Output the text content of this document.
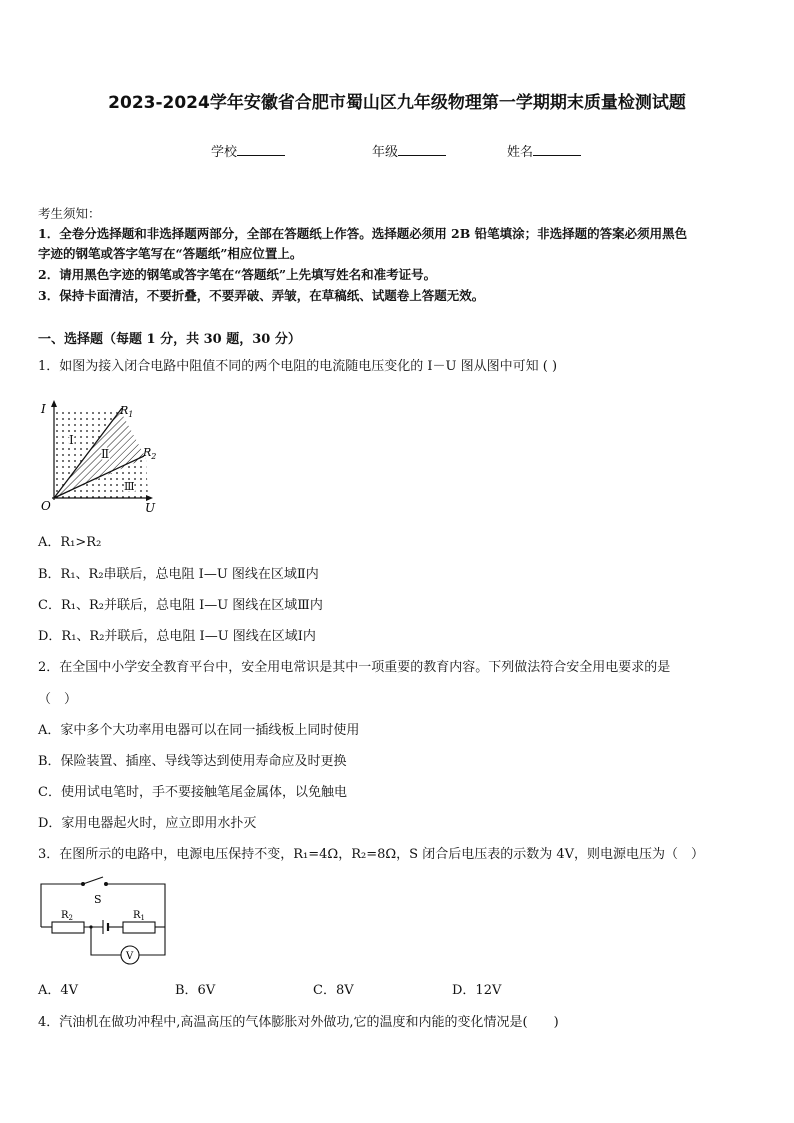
2023-2024学年安徽省合肥市蜀山区九年级物理第一学期期末质量检测试题
学校	年级	姓名
考生须知：
1．全卷分选择题和非选择题两部分，全部在答题纸上作答。选择题必须用 2B 铅笔填涂；非选择题的答案必须用黑色
字迹的钢笔或答字笔写在“答题纸”相应位置上。
2．请用黑色字迹的钢笔或答字笔在“答题纸”上先填写姓名和准考证号。
3．保持卡面清洁，不要折叠，不要弄破、弄皱，在草稿纸、试题卷上答题无效。
一、选择题（每题 1 分，共 30 题，30 分）
1．如图为接入闭合电路中阻值不同的两个电阻的电流随电压变化的 I－U 图从图中可知 ( )
I
U
O
$R_1$
$R_2$
Ⅰ
Ⅱ
Ⅲ
A．R₁>R₂
B．R₁、R₂串联后，总电阻 I—U 图线在区域Ⅱ内
C．R₁、R₂并联后，总电阻 I—U 图线在区域Ⅲ内
D．R₁、R₂并联后，总电阻 I—U 图线在区域Ⅰ内
2．在全国中小学安全教育平台中，安全用电常识是其中一项重要的教育内容。下列做法符合安全用电要求的是
（　）
A．家中多个大功率用电器可以在同一插线板上同时使用
B．保险装置、插座、导线等达到使用寿命应及时更换
C．使用试电笔时，手不要接触笔尾金属体，以免触电
D．家用电器起火时，应立即用水扑灭
3．在图所示的电路中，电源电压保持不变，R₁=4Ω，R₂=8Ω，S 闭合后电压表的示数为 4V，则电源电压为（　）
S
$R_2$	$R_1$
V
A．4V	B．6V	C．8V	D．12V
4．汽油机在做功冲程中,高温高压的气体膨胀对外做功,它的温度和内能的变化情况是(　　)
